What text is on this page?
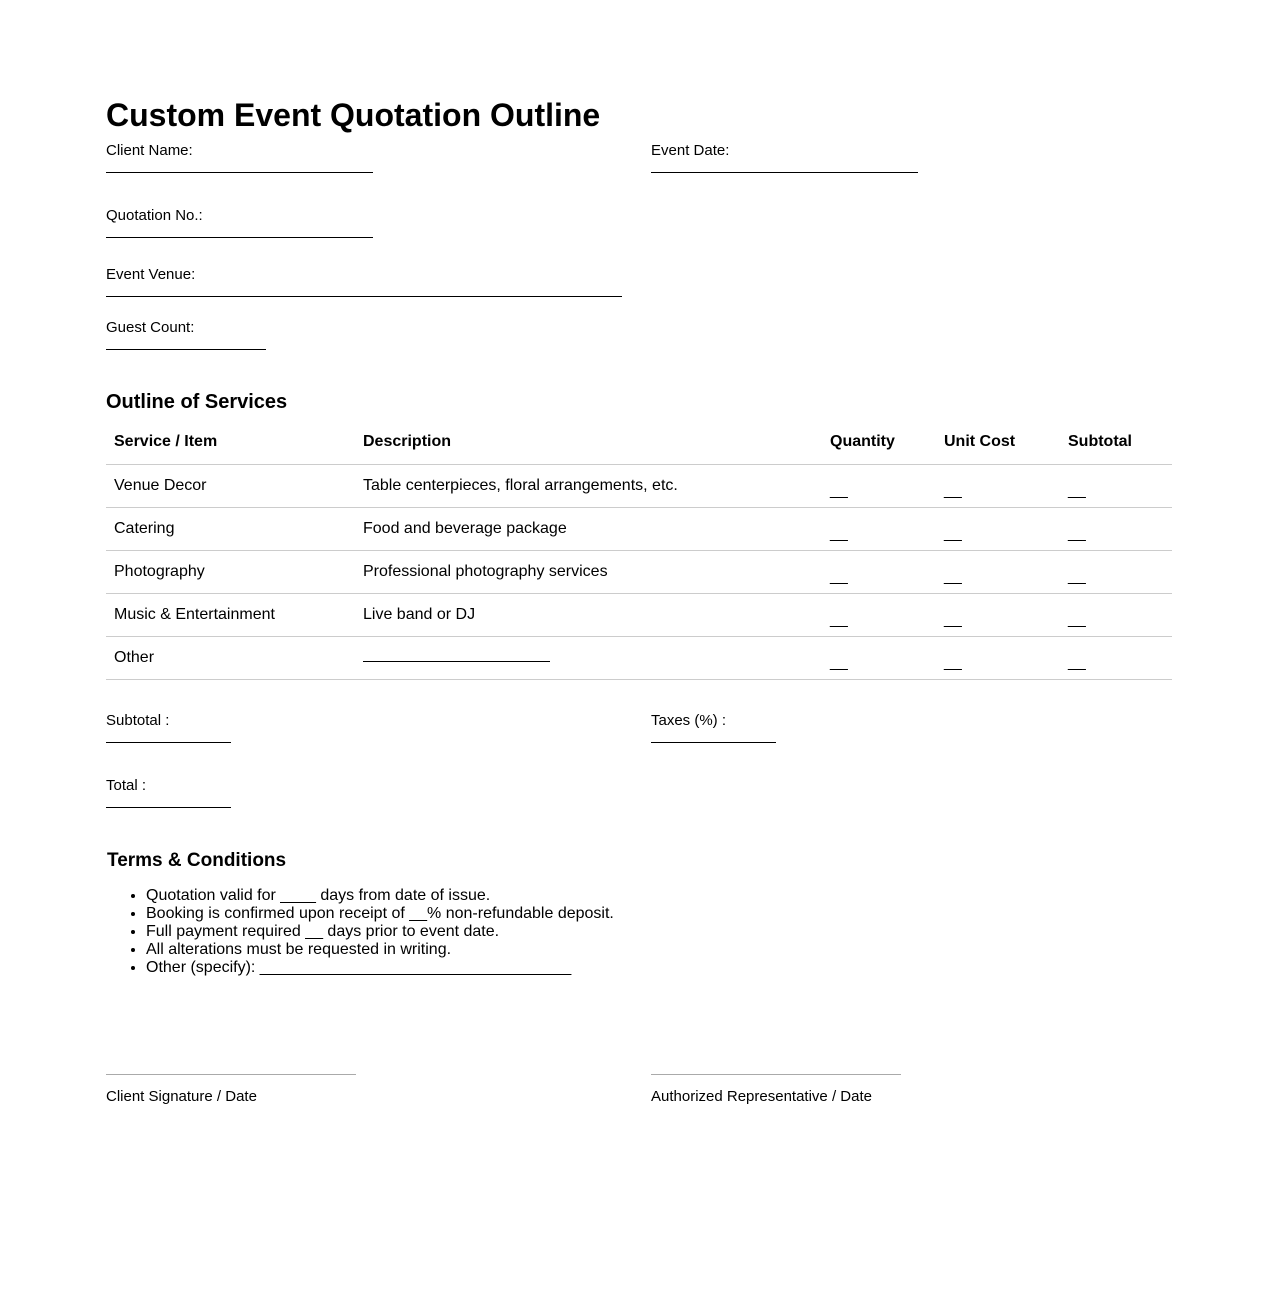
Custom Event Quotation Outline
Client Name:	Event Date:
Quotation No.:
Event Venue:
Guest Count:
Outline of Services
Service / Item	Description	Quantity	Unit Cost	Subtotal
Venue Decor	Table centerpieces, floral arrangements, etc.	__	__	__
Catering	Food and beverage package	__	__	__
Photography	Professional photography services	__	__	__
Music & Entertainment	Live band or DJ	__	__	__
Other		__	__	__
Subtotal :	Taxes (%) :
Total :
Terms & Conditions
• Quotation valid for ____ days from date of issue.
• Booking is confirmed upon receipt of __% non-refundable deposit.
• Full payment required __ days prior to event date.
• All alterations must be requested in writing.
• Other (specify): ___________________________________
Client Signature / Date	Authorized Representative / Date
